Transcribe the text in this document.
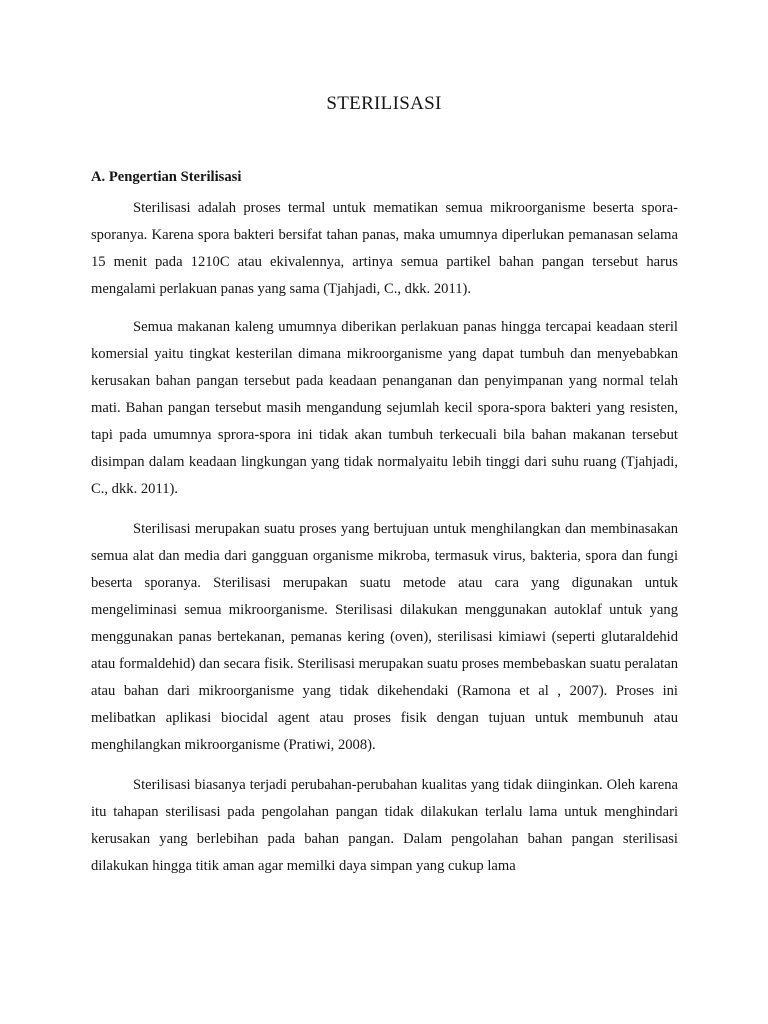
STERILISASI
A. Pengertian Sterilisasi

Sterilisasi adalah proses termal untuk mematikan semua mikroorganisme beserta spora-sporanya. Karena spora bakteri bersifat tahan panas, maka umumnya diperlukan pemanasan selama 15 menit pada 1210C atau ekivalennya, artinya semua partikel bahan pangan tersebut harus mengalami perlakuan panas yang sama (Tjahjadi, C., dkk. 2011).

Semua makanan kaleng umumnya diberikan perlakuan panas hingga tercapai keadaan steril komersial yaitu tingkat kesterilan dimana mikroorganisme yang dapat tumbuh dan menyebabkan kerusakan bahan pangan tersebut pada keadaan penanganan dan penyimpanan yang normal telah mati. Bahan pangan tersebut masih mengandung sejumlah kecil spora-spora bakteri yang resisten, tapi pada umumnya sprora-spora ini tidak akan tumbuh terkecuali bila bahan makanan tersebut disimpan dalam keadaan lingkungan yang tidak normalyaitu lebih tinggi dari suhu ruang (Tjahjadi, C., dkk. 2011).

Sterilisasi merupakan suatu proses yang bertujuan untuk menghilangkan dan membinasakan semua alat dan media dari gangguan organisme mikroba, termasuk virus, bakteria, spora dan fungi beserta sporanya. Sterilisasi merupakan suatu metode atau cara yang digunakan untuk mengeliminasi semua mikroorganisme. Sterilisasi dilakukan menggunakan autoklaf untuk yang menggunakan panas bertekanan, pemanas kering (oven), sterilisasi kimiawi (seperti glutaraldehid atau formaldehid) dan secara fisik. Sterilisasi merupakan suatu proses membebaskan suatu peralatan atau bahan dari mikroorganisme yang tidak dikehendaki (Ramona et al , 2007). Proses ini melibatkan aplikasi biocidal agent atau proses fisik dengan tujuan untuk membunuh atau menghilangkan mikroorganisme (Pratiwi, 2008).

Sterilisasi biasanya terjadi perubahan-perubahan kualitas yang tidak diinginkan. Oleh karena itu tahapan sterilisasi pada pengolahan pangan tidak dilakukan terlalu lama untuk menghindari kerusakan yang berlebihan pada bahan pangan. Dalam pengolahan bahan pangan sterilisasi dilakukan hingga titik aman agar memilki daya simpan yang cukup lama
